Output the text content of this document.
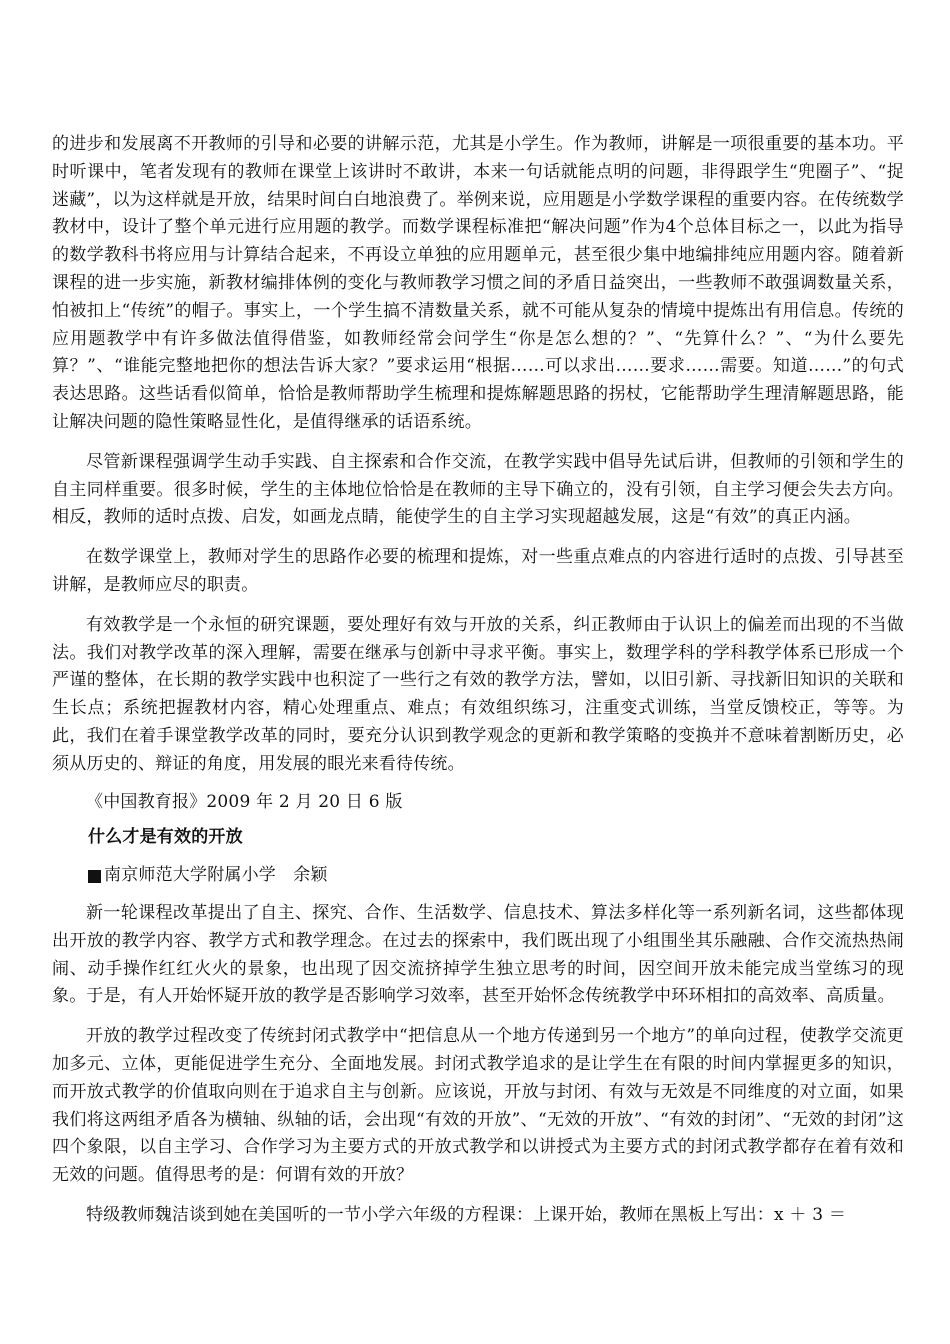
的进步和发展离不开教师的引导和必要的讲解示范，尤其是小学生。作为教师，讲解是一项很重要的基本功。平时听课中，笔者发现有的教师在课堂上该讲时不敢讲，本来一句话就能点明的问题，非得跟学生“兜圈子”、“捉迷藏”，以为这样就是开放，结果时间白白地浪费了。举例来说，应用题是小学数学课程的重要内容。在传统数学教材中，设计了整个单元进行应用题的教学。而数学课程标准把“解决问题”作为4个总体目标之一，以此为指导的数学教科书将应用与计算结合起来，不再设立单独的应用题单元，甚至很少集中地编排纯应用题内容。随着新课程的进一步实施，新教材编排体例的变化与教师教学习惯之间的矛盾日益突出，一些教师不敢强调数量关系，怕被扣上“传统”的帽子。事实上，一个学生搞不清数量关系，就不可能从复杂的情境中提炼出有用信息。传统的应用题教学中有许多做法值得借鉴，如教师经常会问学生“你是怎么想的？”、“先算什么？”、“为什么要先算？”、“谁能完整地把你的想法告诉大家？”要求运用“根据……可以求出……要求……需要。知道……”的句式表达思路。这些话看似简单，恰恰是教师帮助学生梳理和提炼解题思路的拐杖，它能帮助学生理清解题思路，能让解决问题的隐性策略显性化，是值得继承的话语系统。

尽管新课程强调学生动手实践、自主探索和合作交流，在教学实践中倡导先试后讲，但教师的引领和学生的自主同样重要。很多时候，学生的主体地位恰恰是在教师的主导下确立的，没有引领，自主学习便会失去方向。相反，教师的适时点拨、启发，如画龙点睛，能使学生的自主学习实现超越发展，这是“有效”的真正内涵。

在数学课堂上，教师对学生的思路作必要的梳理和提炼，对一些重点难点的内容进行适时的点拨、引导甚至讲解，是教师应尽的职责。

有效教学是一个永恒的研究课题，要处理好有效与开放的关系，纠正教师由于认识上的偏差而出现的不当做法。我们对教学改革的深入理解，需要在继承与创新中寻求平衡。事实上，数理学科的学科教学体系已形成一个严谨的整体，在长期的教学实践中也积淀了一些行之有效的教学方法，譬如，以旧引新、寻找新旧知识的关联和生长点；系统把握教材内容，精心处理重点、难点；有效组织练习，注重变式训练，当堂反馈校正，等等。为此，我们在着手课堂教学改革的同时，要充分认识到教学观念的更新和教学策略的变换并不意味着割断历史，必须从历史的、辩证的角度，用发展的眼光来看待传统。

《中国教育报》2009 年 2 月 20 日 6 版

什么才是有效的开放

南京师范大学附属小学　余颖

新一轮课程改革提出了自主、探究、合作、生活数学、信息技术、算法多样化等一系列新名词，这些都体现出开放的教学内容、教学方式和教学理念。在过去的探索中，我们既出现了小组围坐其乐融融、合作交流热热闹闹、动手操作红红火火的景象，也出现了因交流挤掉学生独立思考的时间，因空间开放未能完成当堂练习的现象。于是，有人开始怀疑开放的教学是否影响学习效率，甚至开始怀念传统教学中环环相扣的高效率、高质量。

开放的教学过程改变了传统封闭式教学中“把信息从一个地方传递到另一个地方”的单向过程，使教学交流更加多元、立体，更能促进学生充分、全面地发展。封闭式教学追求的是让学生在有限的时间内掌握更多的知识，而开放式教学的价值取向则在于追求自主与创新。应该说，开放与封闭、有效与无效是不同维度的对立面，如果我们将这两组矛盾各为横轴、纵轴的话，会出现“有效的开放”、“无效的开放”、“有效的封闭”、“无效的封闭”这四个象限，以自主学习、合作学习为主要方式的开放式教学和以讲授式为主要方式的封闭式教学都存在着有效和无效的问题。值得思考的是：何谓有效的开放？

特级教师魏洁谈到她在美国听的一节小学六年级的方程课：上课开始，教师在黑板上写出：x ＋ 3 ＝
